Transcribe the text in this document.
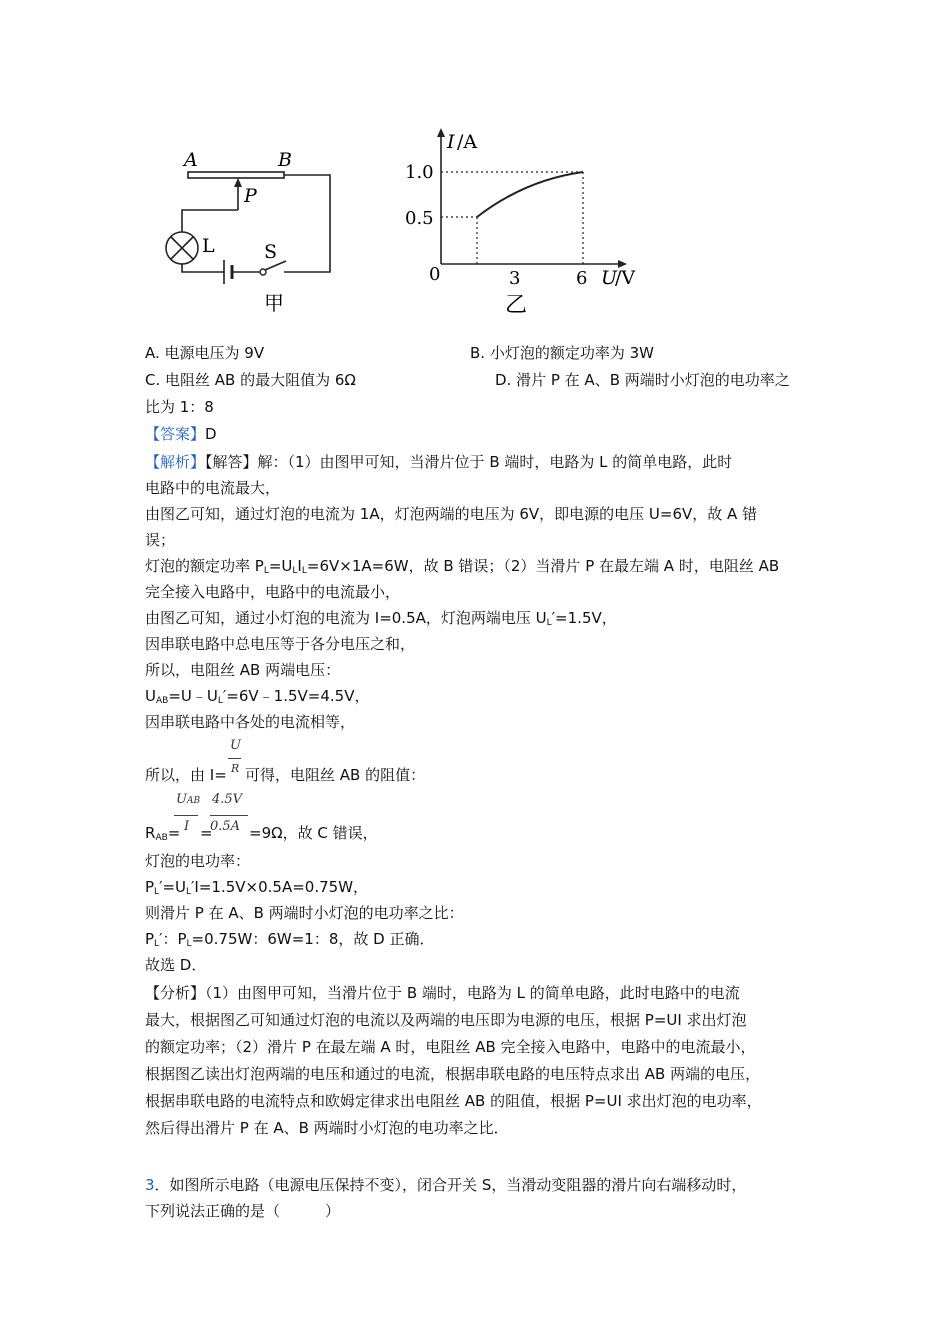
A	B
P
L	S
甲
I /A
1.0
0.5
0	3	6 U
/V
乙
A. 电源电压为 9V	B. 小灯泡的额定功率为 3W
C. 电阻丝 AB 的最大阻值为 6Ω	D. 滑片 P 在 A、B 两端时小灯泡的电功率之
比为 1：8
【答案】D
【解析】【解答】解：（1）由图甲可知，当滑片位于 B 端时，电路为 L 的简单电路，此时
电路中的电流最大，
由图乙可知，通过灯泡的电流为 1A，灯泡两端的电压为 6V，即电源的电压 U=6V，故 A 错
误；
灯泡的额定功率 $P_L=U_LI_L=6V\times 1A=6W$，故 B 错误；（2）当滑片 P 在最左端 A 时，电阻丝 AB
完全接入电路中，电路中的电流最小，
由图乙可知，通过小灯泡的电流为 I=0.5A，灯泡两端电压 $U_L'=1.5V$，
因串联电路中总电压等于各分电压之和，
所以，电阻丝 AB 两端电压：
$U_{AB}=U﹣U_L'=6V﹣1.5V=4.5V$，
因串联电路中各处的电流相等，
U
R
所以，由 I= 可得，电阻丝 AB 的阻值：
UAB
I
4.5V
0.5A
$R_{AB}= = =9\Omega$，故 C 错误，
灯泡的电功率：
$P_L'=U_L'I=1.5V\times 0.5A=0.75W$，
则滑片 P 在 A、B 两端时小灯泡的电功率之比：
$P_L'$：$P_L=0.75W$：6W=1：8，故 D 正确．
故选 D．
【分析】（1）由图甲可知，当滑片位于 B 端时，电路为 L 的简单电路，此时电路中的电流
最大，根据图乙可知通过灯泡的电流以及两端的电压即为电源的电压，根据 P=UI 求出灯泡
的额定功率；（2）滑片 P 在最左端 A 时，电阻丝 AB 完全接入电路中，电路中的电流最小，
根据图乙读出灯泡两端的电压和通过的电流，根据串联电路的电压特点求出 AB 两端的电压，
根据串联电路的电流特点和欧姆定律求出电阻丝 AB 的阻值，根据 P=UI 求出灯泡的电功率，
然后得出滑片 P 在 A、B 两端时小灯泡的电功率之比．
3．如图所示电路（电源电压保持不变），闭合开关 S，当滑动变阻器的滑片向右端移动时，
下列说法正确的是（　　　）
